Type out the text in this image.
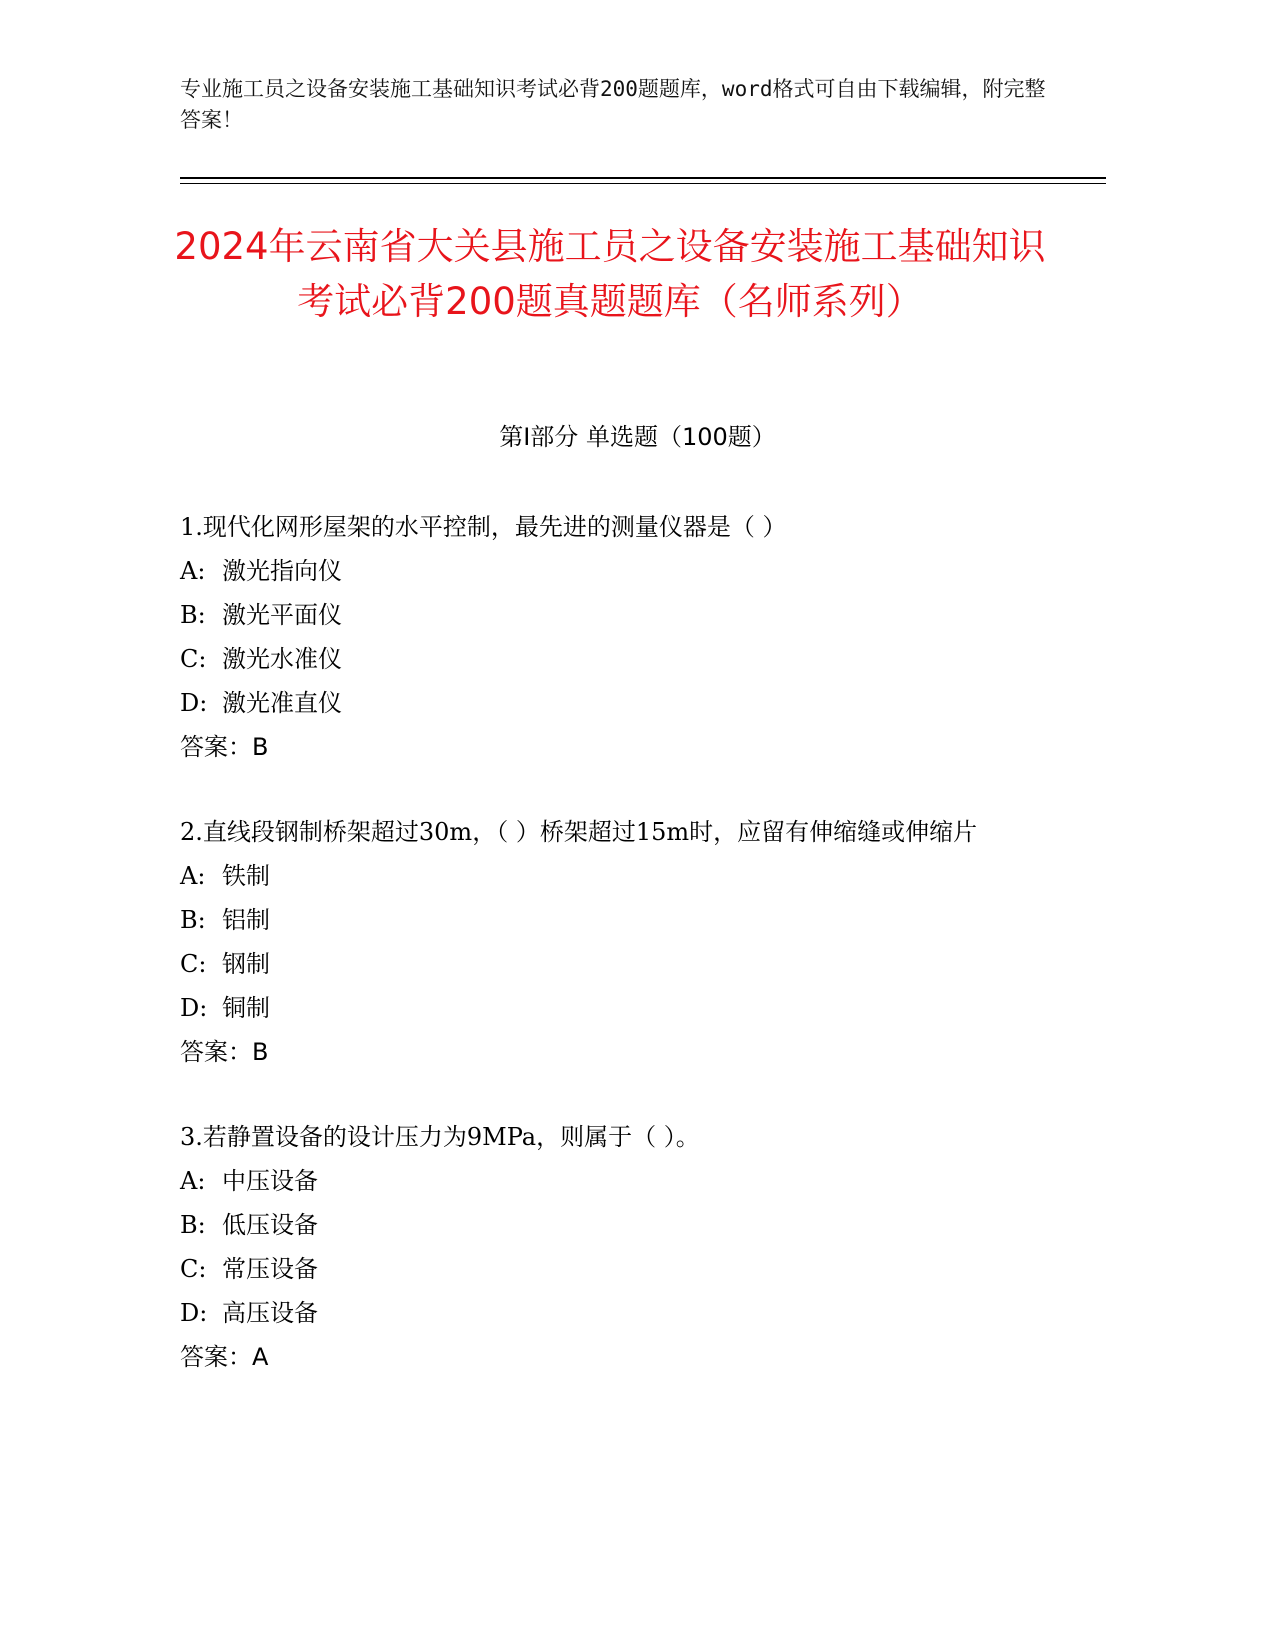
专业施工员之设备安装施工基础知识考试必背200题题库，word格式可自由下载编辑，附完整答案！
2024年云南省大关县施工员之设备安装施工基础知识考试必背200题真题题库（名师系列）
第I部分 单选题（100题）

1.现代化网形屋架的水平控制，最先进的测量仪器是（ ）

A: 激光指向仪

B: 激光平面仪

C: 激光水准仪

D: 激光准直仪

答案：B

2.直线段钢制桥架超过30m，（ ）桥架超过15m时，应留有伸缩缝或伸缩片

A: 铁制

B: 铝制

C: 钢制

D: 铜制

答案：B

3.若静置设备的设计压力为9MPa，则属于（ ）。

A: 中压设备

B: 低压设备

C: 常压设备

D: 高压设备

答案：A
